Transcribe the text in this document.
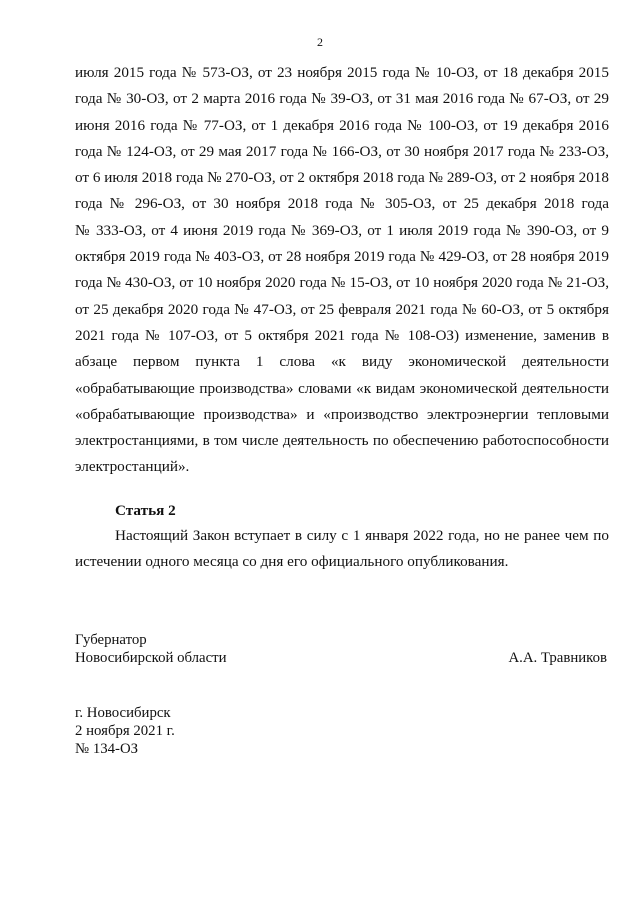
2
июля 2015 года № 573-ОЗ, от 23 ноября 2015 года № 10-ОЗ, от 18 декабря 2015
года № 30-ОЗ, от 2 марта 2016 года № 39-ОЗ, от 31 мая 2016 года № 67-ОЗ, от 29
июня 2016 года № 77-ОЗ, от 1 декабря 2016 года № 100-ОЗ, от 19 декабря 2016
года № 124-ОЗ, от 29 мая 2017 года № 166-ОЗ, от 30 ноября 2017 года № 233-ОЗ,
от 6 июля 2018 года № 270-ОЗ, от 2 октября 2018 года № 289-ОЗ, от 2 ноября 2018
года № 296-ОЗ, от 30 ноября 2018 года № 305-ОЗ, от 25 декабря 2018 года
№ 333-ОЗ, от 4 июня 2019 года № 369-ОЗ, от 1 июля 2019 года № 390-ОЗ, от 9
октября 2019 года № 403-ОЗ, от 28 ноября 2019 года № 429-ОЗ, от 28 ноября 2019
года № 430-ОЗ, от 10 ноября 2020 года № 15-ОЗ, от 10 ноября 2020 года № 21-ОЗ,
от 25 декабря 2020 года № 47-ОЗ, от 25 февраля 2021 года № 60-ОЗ, от 5 октября
2021 года № 107-ОЗ, от 5 октября 2021 года № 108-ОЗ) изменение, заменив в
абзаце первом пункта 1 слова «к виду экономической деятельности
«обрабатывающие производства» словами «к видам экономической деятельности
«обрабатывающие производства» и «производство электроэнергии тепловыми
электростанциями, в том числе деятельность по обеспечению работоспособности
электростанций».
Статья 2
Настоящий Закон вступает в силу с 1 января 2022 года, но не ранее чем по
истечении одного месяца со дня его официального опубликования.
Губернатор
Новосибирской области	А.А. Травников
г. Новосибирск
2 ноября 2021 г.
№ 134-ОЗ
